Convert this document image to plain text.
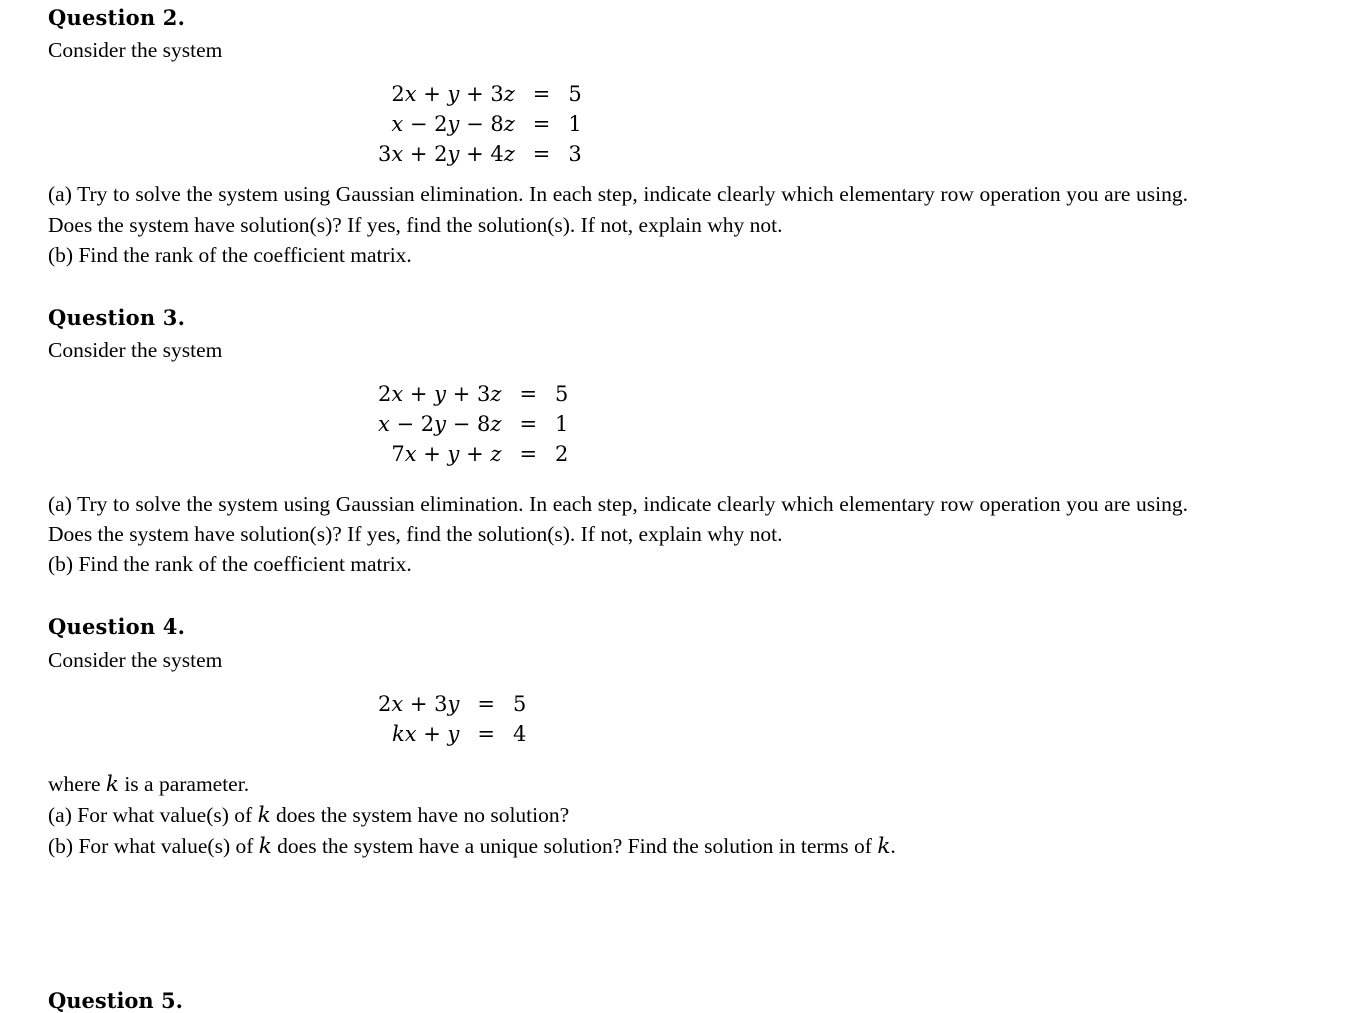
Question 2.
Consider the system
2x + y + 3z	=	5
x − 2y − 8z	=	1
3x + 2y + 4z	=	3

(a) Try to solve the system using Gaussian elimination. In each step, indicate clearly which elementary row operation you are using. Does the system have solution(s)? If yes, find the solution(s). If not, explain why not.

(b) Find the rank of the coefficient matrix.

Question 3.
Consider the system
2x + y + 3z	=	5
x − 2y − 8z	=	1
7x + y + z	=	2

(a) Try to solve the system using Gaussian elimination. In each step, indicate clearly which elementary row operation you are using. Does the system have solution(s)? If yes, find the solution(s). If not, explain why not.

(b) Find the rank of the coefficient matrix.

Question 4.
Consider the system
2x + 3y	=	5
kx + y	=	4

where k is a parameter.

(a) For what value(s) of k does the system have no solution?

(b) For what value(s) of k does the system have a unique solution? Find the solution in terms of k.

Question 5.
